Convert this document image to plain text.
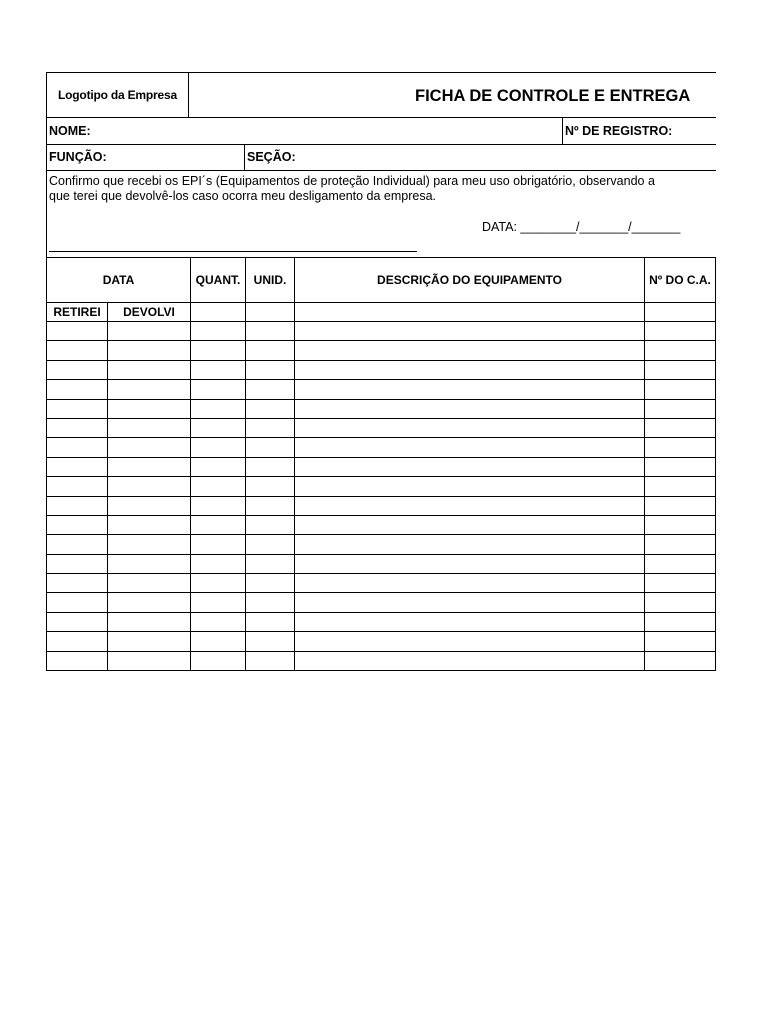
Logotipo da Empresa	FICHA DE CONTROLE E ENTREGA
NOME:	Nº DE REGISTRO:
FUNÇÃO:	SEÇÃO:
Confirmo que recebi os EPI´s (Equipamentos de proteção Individual) para meu uso obrigatório, observando a
que terei que devolvê-los caso ocorra meu desligamento da empresa.
DATA: ________/_______/_______
DATA	QUANT.	UNID.	DESCRIÇÃO DO EQUIPAMENTO	Nº DO C.A.
RETIREI	DEVOLVI
